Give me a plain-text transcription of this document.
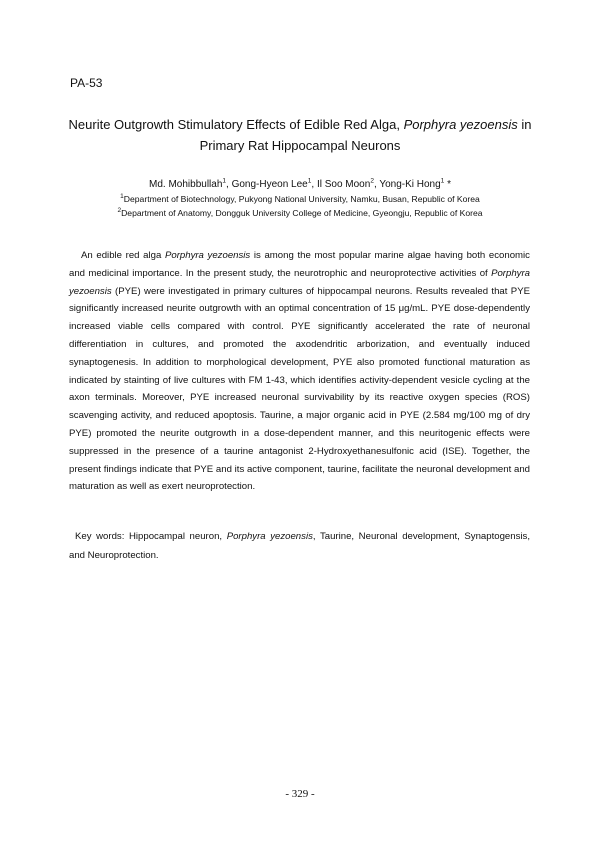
PA-53
Neurite Outgrowth Stimulatory Effects of Edible Red Alga, Porphyra yezoensis in
Primary Rat Hippocampal Neurons
Md. Mohibbullah$^1$, Gong-Hyeon Lee$^1$, Il Soo Moon$^2$, Yong-Ki Hong$^1$ *
$^1$Department of Biotechnology, Pukyong National University, Namku, Busan, Republic of Korea
$^2$Department of Anatomy, Dongguk University College of Medicine, Gyeongju, Republic of Korea

An edible red alga Porphyra yezoensis is among the most popular marine algae having both economic and medicinal importance. In the present study, the neurotrophic and neuroprotective activities of Porphyra yezoensis (PYE) were investigated in primary cultures of hippocampal neurons. Results revealed that PYE significantly increased neurite outgrowth with an optimal concentration of 15 μg/mL. PYE dose-dependently increased viable cells compared with control. PYE significantly accelerated the rate of neuronal differentiation in cultures, and promoted the axodendritic arborization, and eventually induced synaptogenesis. In addition to morphological development, PYE also promoted functional maturation as indicated by stainting of live cultures with FM 1-43, which identifies activity-dependent vesicle cycling at the axon terminals. Moreover, PYE increased neuronal survivability by its reactive oxygen species (ROS) scavenging activity, and reduced apoptosis. Taurine, a major organic acid in PYE (2.584 mg/100 mg of dry PYE) promoted the neurite outgrowth in a dose-dependent manner, and this neuritogenic effects were suppressed in the presence of a taurine antagonist 2-Hydroxyethanesulfonic acid (ISE). Together, the present findings indicate that PYE and its active component, taurine, facilitate the neuronal development and maturation as well as exert neuroprotection.

Key words: Hippocampal neuron, Porphyra yezoensis, Taurine, Neuronal development, Synaptogensis, and Neuroprotection.

- 329 -
